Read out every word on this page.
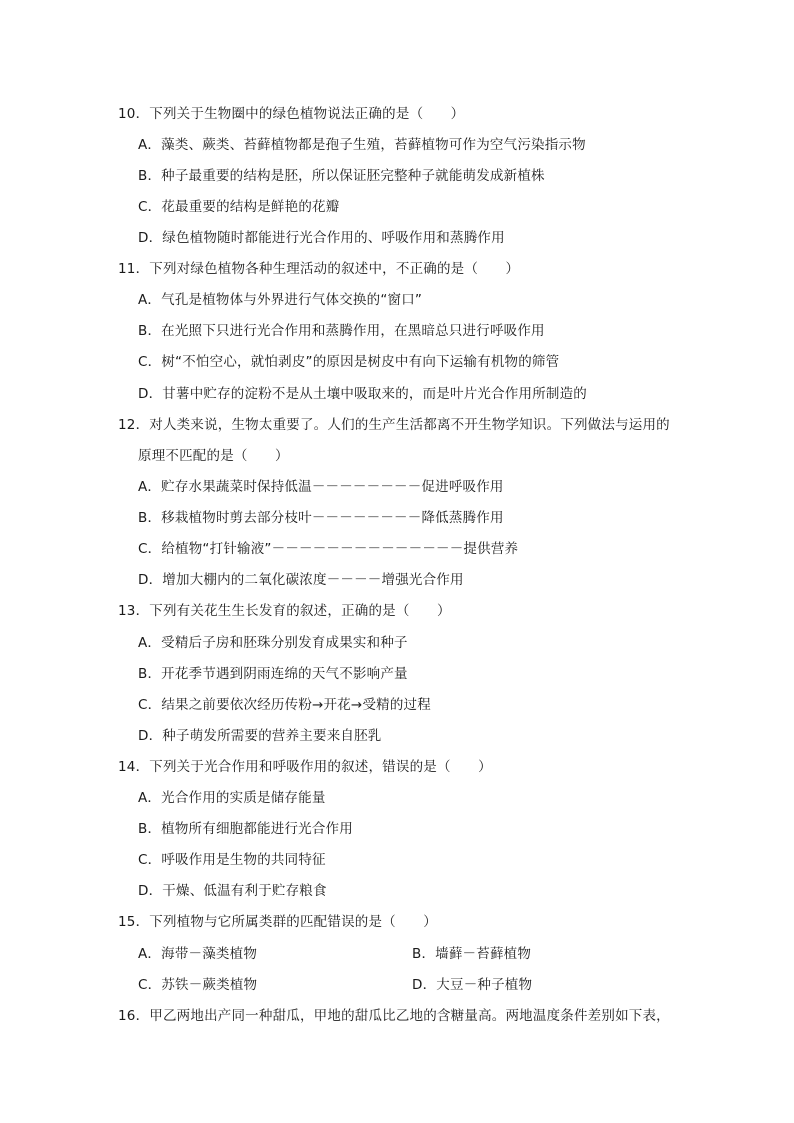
10．下列关于生物圈中的绿色植物说法正确的是（　　）
A．藻类、蕨类、苔藓植物都是孢子生殖，苔藓植物可作为空气污染指示物
B．种子最重要的结构是胚，所以保证胚完整种子就能萌发成新植株
C．花最重要的结构是鲜艳的花瓣
D．绿色植物随时都能进行光合作用的、呼吸作用和蒸腾作用
11．下列对绿色植物各种生理活动的叙述中，不正确的是（　　）
A．气孔是植物体与外界进行气体交换的“窗口”
B．在光照下只进行光合作用和蒸腾作用，在黑暗总只进行呼吸作用
C．树“不怕空心，就怕剥皮”的原因是树皮中有向下运输有机物的筛管
D．甘薯中贮存的淀粉不是从土壤中吸取来的，而是叶片光合作用所制造的
12．对人类来说，生物太重要了。人们的生产生活都离不开生物学知识。下列做法与运用的
原理不匹配的是（　　）
A．贮存水果蔬菜时保持低温－－－－－－－－促进呼吸作用
B．移栽植物时剪去部分枝叶－－－－－－－－降低蒸腾作用
C．给植物“打针输液”－－－－－－－－－－－－－－提供营养
D．增加大棚内的二氧化碳浓度－－－－增强光合作用
13．下列有关花生生长发育的叙述，正确的是（　　）
A．受精后子房和胚珠分别发育成果实和种子
B．开花季节遇到阴雨连绵的天气不影响产量
C．结果之前要依次经历传粉→开花→受精的过程
D．种子萌发所需要的营养主要来自胚乳
14．下列关于光合作用和呼吸作用的叙述，错误的是（　　）
A．光合作用的实质是储存能量
B．植物所有细胞都能进行光合作用
C．呼吸作用是生物的共同特征
D．干燥、低温有利于贮存粮食
15．下列植物与它所属类群的匹配错误的是（　　）
A．海带－藻类植物	B．墙藓－苔藓植物
C．苏铁－蕨类植物	D．大豆－种子植物
16．甲乙两地出产同一种甜瓜，甲地的甜瓜比乙地的含糖量高。两地温度条件差别如下表，
